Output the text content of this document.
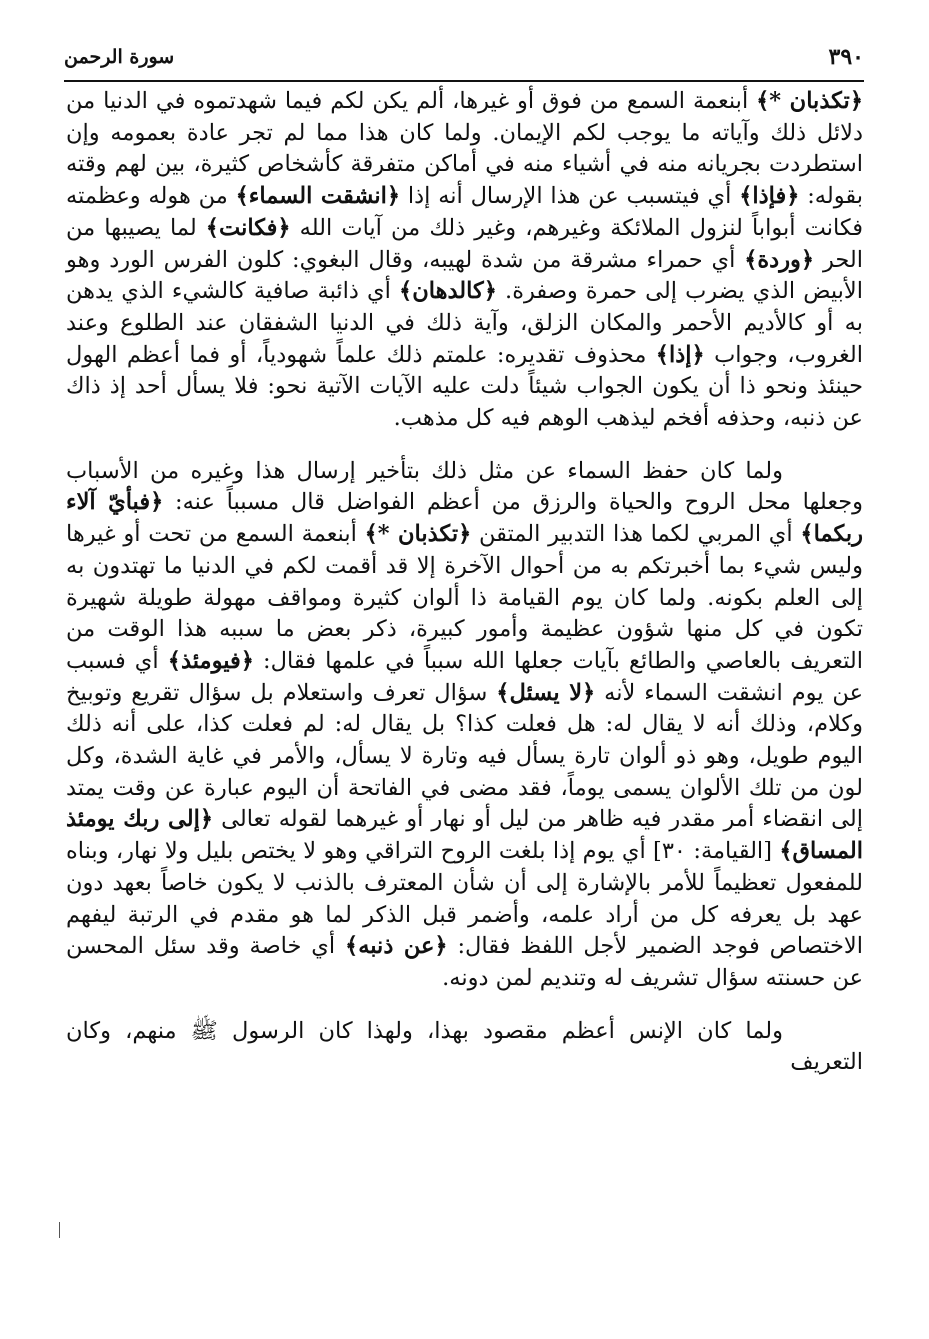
٣٩٠
سورة الرحمن

﴿تكذبان *﴾ أبنعمة السمع من فوق أو غيرها، ألم يكن لكم فيما شهدتموه في الدنيا من دلائل ذلك وآياته ما يوجب لكم الإيمان. ولما كان هذا مما لم تجر عادة بعمومه وإن استطردت بجريانه منه في أشياء منه في أماكن متفرقة كأشخاص كثيرة، بين لهم وقته بقوله: ﴿فإذا﴾ أي فيتسبب عن هذا الإرسال أنه إذا ﴿انشقت السماء﴾ من هوله وعظمته فكانت أبواباً لنزول الملائكة وغيرهم، وغير ذلك من آيات الله ﴿فكانت﴾ لما يصيبها من الحر ﴿وردة﴾ أي حمراء مشرقة من شدة لهيبه، وقال البغوي: كلون الفرس الورد وهو الأبيض الذي يضرب إلى حمرة وصفرة. ﴿كالدهان﴾ أي ذائبة صافية كالشيء الذي يدهن به أو كالأديم الأحمر والمكان الزلق، وآية ذلك في الدنيا الشفقان عند الطلوع وعند الغروب، وجواب ﴿إذا﴾ محذوف تقديره: علمتم ذلك علماً شهودياً، أو فما أعظم الهول حينئذ ونحو ذا أن يكون الجواب شيئاً دلت عليه الآيات الآتية نحو: فلا يسأل أحد إذ ذاك عن ذنبه، وحذفه أفخم ليذهب الوهم فيه كل مذهب.

ولما كان حفظ السماء عن مثل ذلك بتأخير إرسال هذا وغيره من الأسباب وجعلها محل الروح والحياة والرزق من أعظم الفواضل قال مسبباً عنه: ﴿فبأيّ آلاء ربكما﴾ أي المربي لكما هذا التدبير المتقن ﴿تكذبان *﴾ أبنعمة السمع من تحت أو غيرها وليس شيء بما أخبرتكم به من أحوال الآخرة إلا قد أقمت لكم في الدنيا ما تهتدون به إلى العلم بكونه. ولما كان يوم القيامة ذا ألوان كثيرة ومواقف مهولة طويلة شهيرة تكون في كل منها شؤون عظيمة وأمور كبيرة، ذكر بعض ما سببه هذا الوقت من التعريف بالعاصي والطائع بآيات جعلها الله سبباً في علمها فقال: ﴿فيومئذ﴾ أي فسبب عن يوم انشقت السماء لأنه ﴿لا يسئل﴾ سؤال تعرف واستعلام بل سؤال تقريع وتوبيخ وكلام، وذلك أنه لا يقال له: هل فعلت كذا؟ بل يقال له: لم فعلت كذا، على أنه ذلك اليوم طويل، وهو ذو ألوان تارة يسأل فيه وتارة لا يسأل، والأمر في غاية الشدة، وكل لون من تلك الألوان يسمى يوماً، فقد مضى في الفاتحة أن اليوم عبارة عن وقت يمتد إلى انقضاء أمر مقدر فيه ظاهر من ليل أو نهار أو غيرهما لقوله تعالى ﴿إلى ربك يومئذ المساق﴾ [القيامة: ٣٠] أي يوم إذا بلغت الروح التراقي وهو لا يختص بليل ولا نهار، وبناه للمفعول تعظيماً للأمر بالإشارة إلى أن شأن المعترف بالذنب لا يكون خاصاً بعهد دون عهد بل يعرفه كل من أراد علمه، وأضمر قبل الذكر لما هو مقدم في الرتبة ليفهم الاختصاص فوجد الضمير لأجل اللفظ فقال: ﴿عن ذنبه﴾ أي خاصة وقد سئل المحسن عن حسنته سؤال تشريف له وتنديم لمن دونه.

ولما كان الإنس أعظم مقصود بهذا، ولهذا كان الرسول ﷺ منهم، وكان التعريف
